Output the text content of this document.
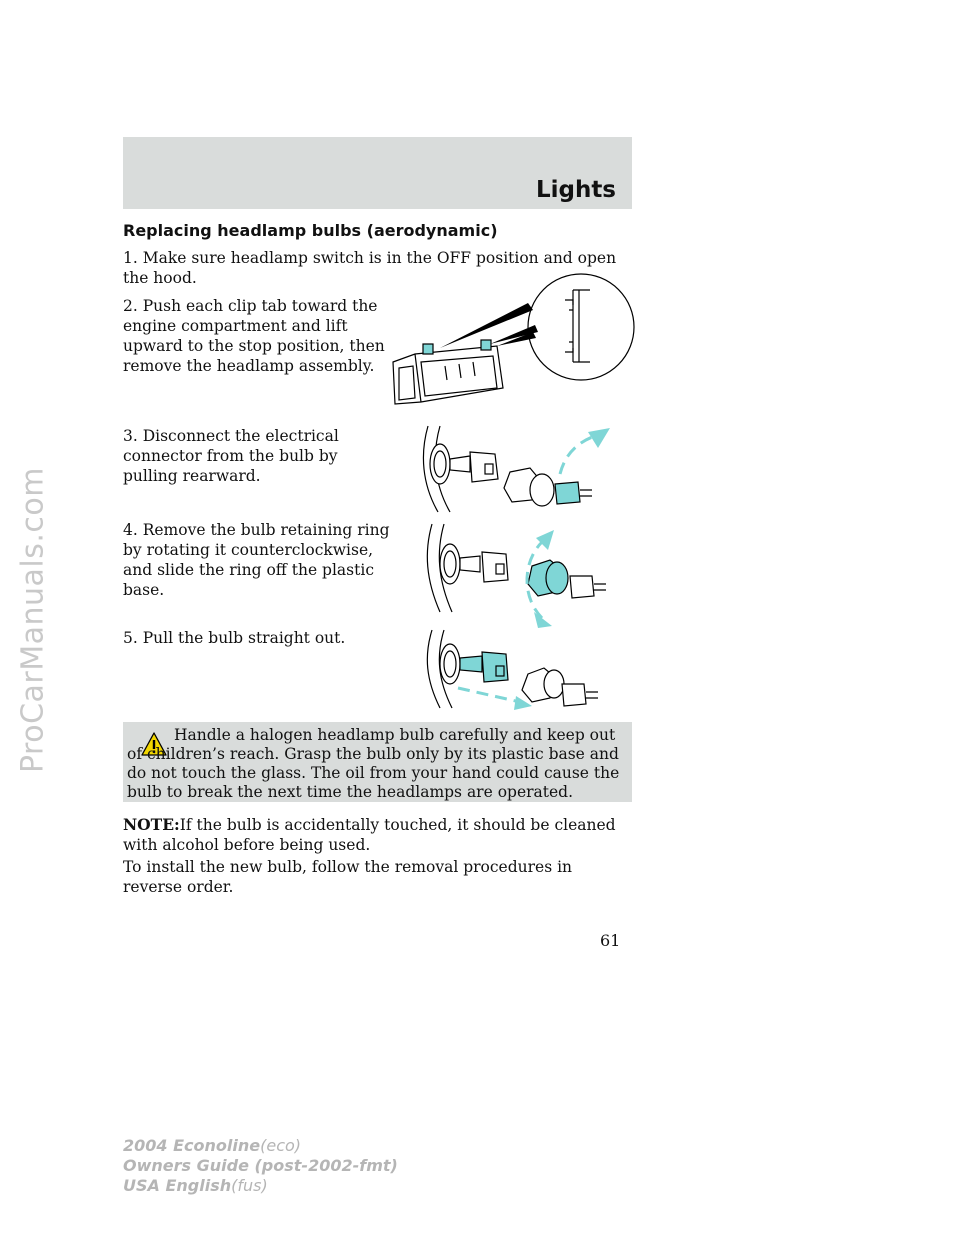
ProCarManuals.com
Lights
Replacing headlamp bulbs (aerodynamic)

1. Make sure headlamp switch is in the OFF position and open the hood.

2. Push each clip tab toward the engine compartment and lift upward to the stop position, then remove the headlamp assembly.

3. Disconnect the electrical connector from the bulb by pulling rearward.

4. Remove the bulb retaining ring by rotating it counterclockwise, and slide the ring off the plastic base.

5. Pull the bulb straight out.

Handle a halogen headlamp bulb carefully and keep out of children’s reach. Grasp the bulb only by its plastic base and do not touch the glass. The oil from your hand could cause the bulb to break the next time the headlamps are operated.

NOTE:If the bulb is accidentally touched, it should be cleaned with alcohol before being used.

To install the new bulb, follow the removal procedures in reverse order.

61
2004 Econoline(eco)
Owners Guide (post-2002-fmt)
USA English(fus)
